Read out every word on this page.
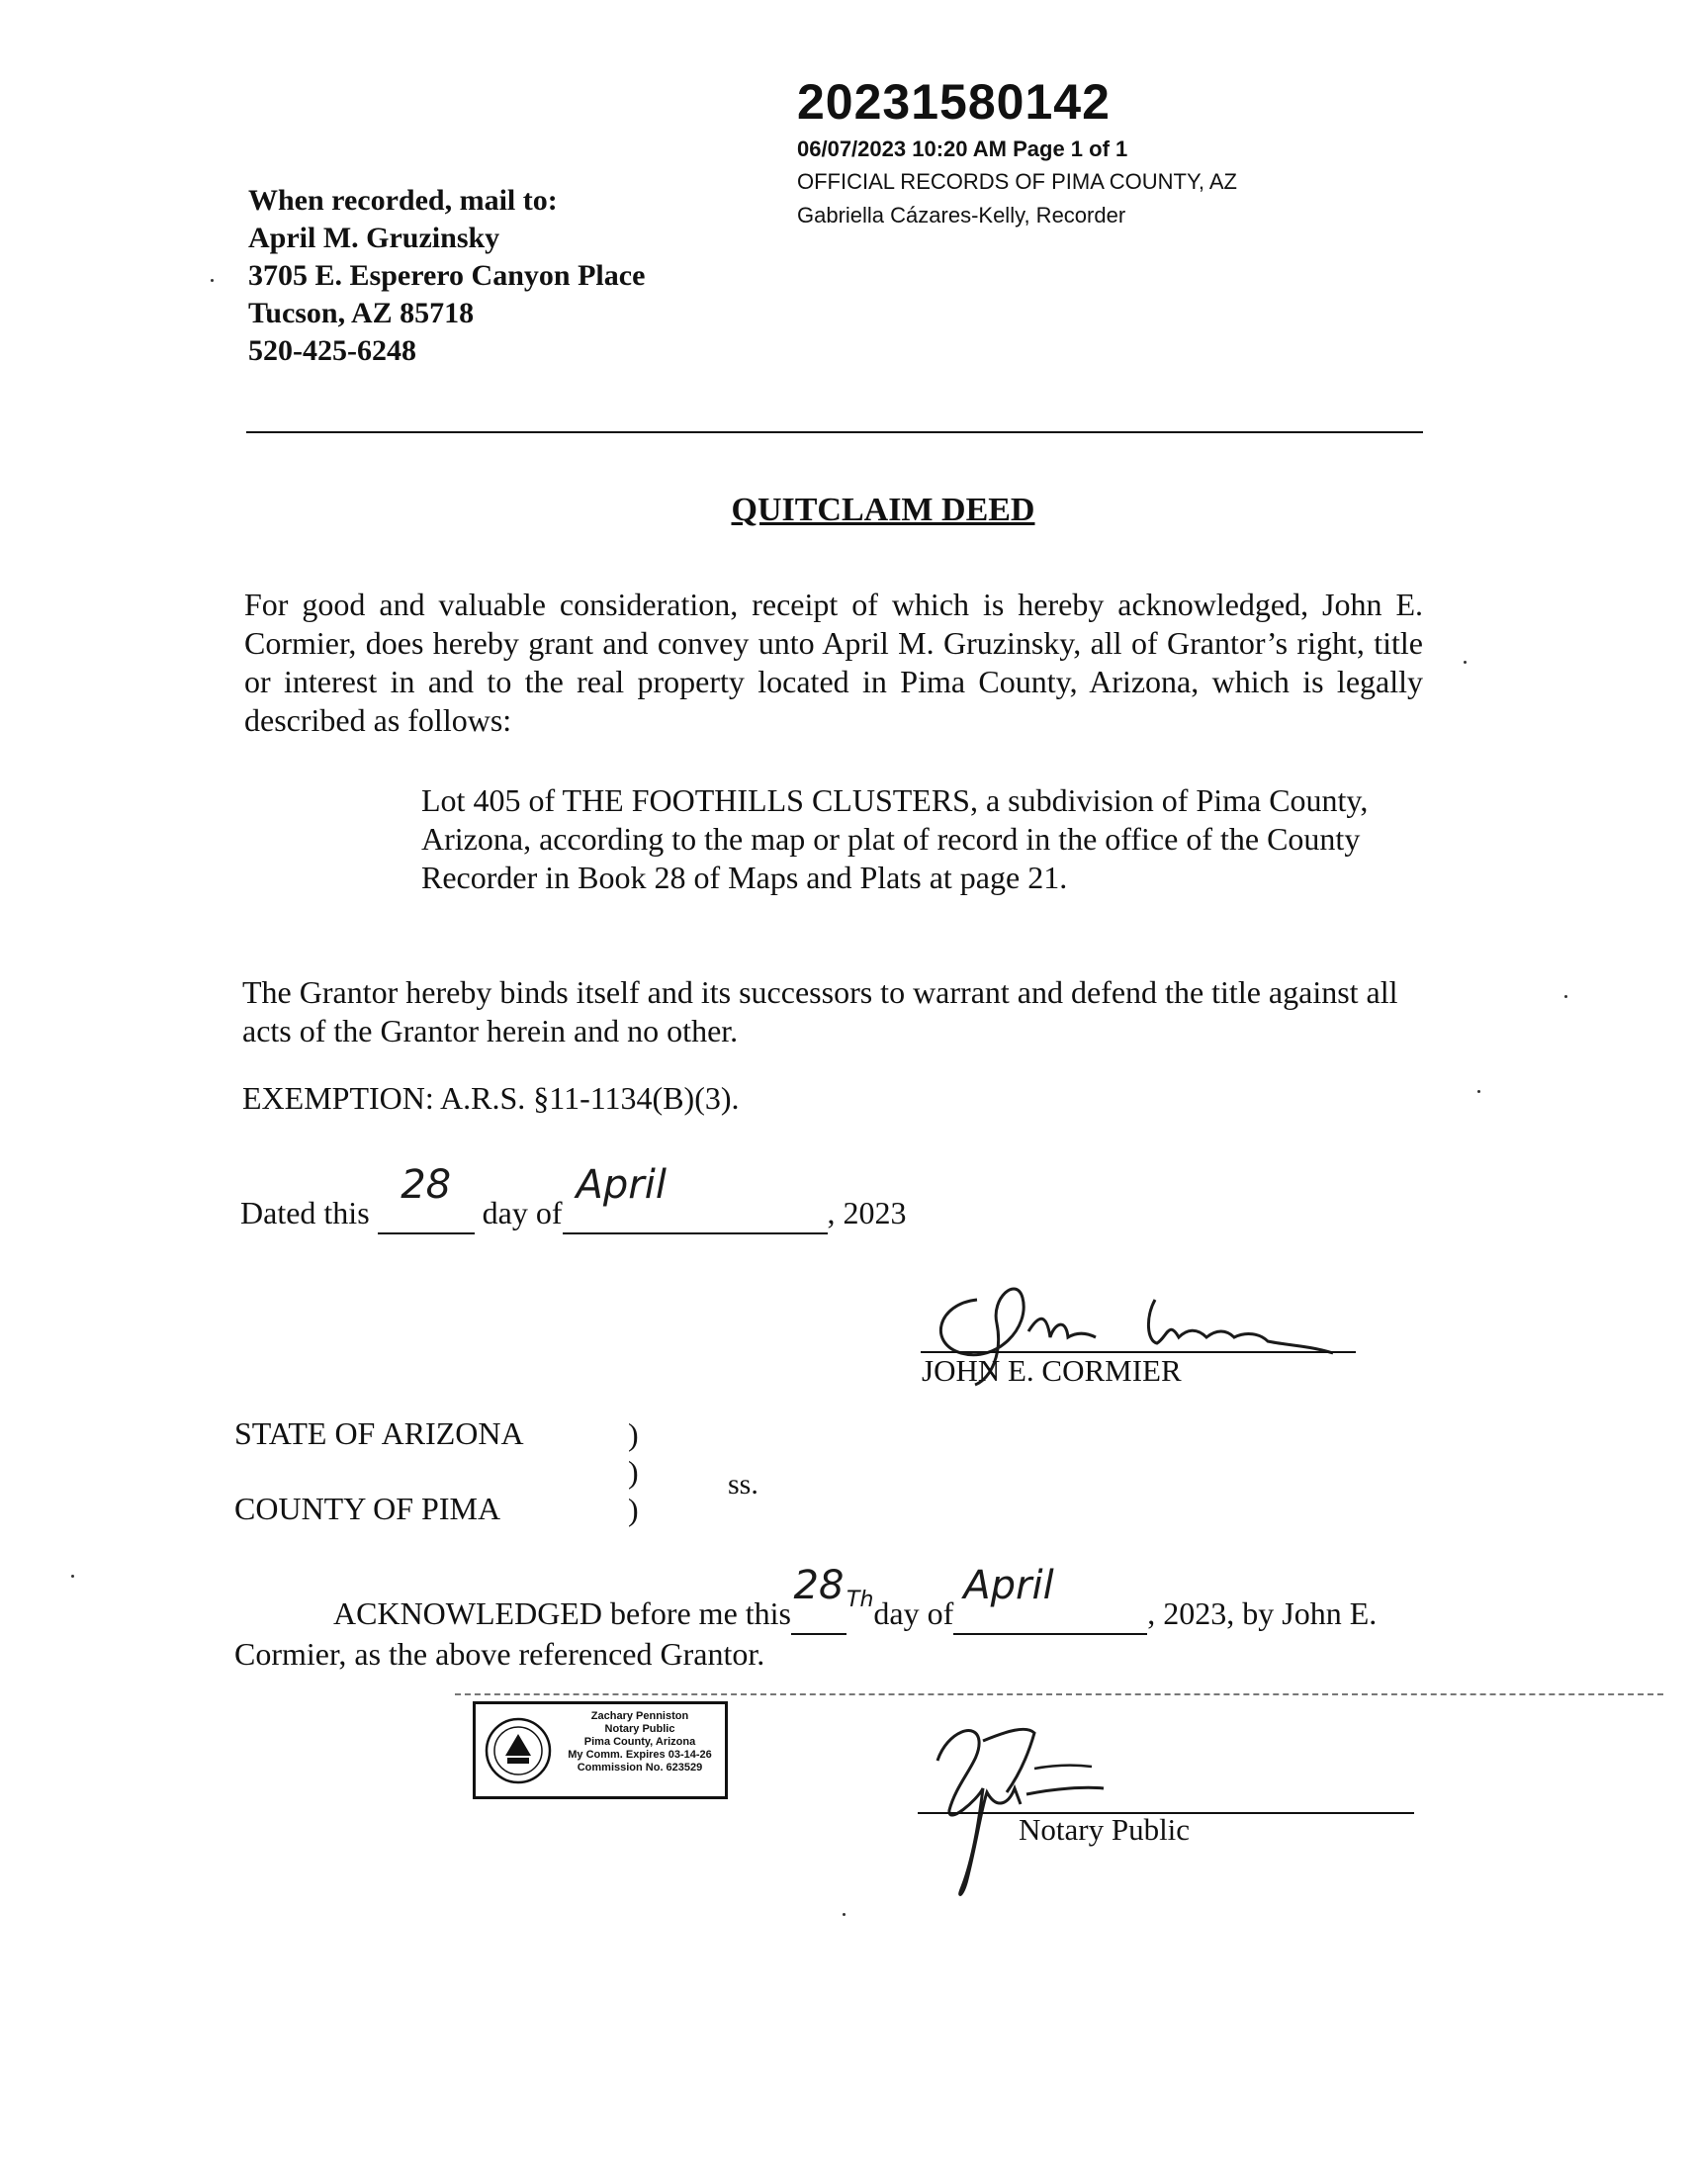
20231580142
06/07/2023 10:20 AM Page 1 of 1
OFFICIAL RECORDS OF PIMA COUNTY, AZ
Gabriella Cázares-Kelly, Recorder
When recorded, mail to:
April M. Gruzinsky
3705 E. Esperero Canyon Place
Tucson, AZ 85718
520-425-6248
QUITCLAIM DEED
For good and valuable consideration, receipt of which is hereby acknowledged, John E. Cormier, does hereby grant and convey unto April M. Gruzinsky, all of Grantor’s right, title or interest in and to the real property located in Pima County, Arizona, which is legally described as follows:
Lot 405 of THE FOOTHILLS CLUSTERS, a subdivision of Pima County, Arizona, according to the map or plat of record in the office of the County Recorder in Book 28 of Maps and Plats at page 21.
The Grantor hereby binds itself and its successors to warrant and defend the title against all acts of the Grantor herein and no other.
EXEMPTION: A.R.S. §11-1134(B)(3).
Dated this
28
day of
April
, 2023
JOHN E. CORMIER
STATE OF ARIZONA
COUNTY OF PIMA
)
)
)
ss.
ACKNOWLEDGED before me this
28 $^{Th}$day of
April
, 2023, by John E.
Cormier, as the above referenced Grantor.
Zachary Penniston
Notary Public
Pima County, Arizona
My Comm. Expires 03-14-26
Commission No. 623529
Notary Public
